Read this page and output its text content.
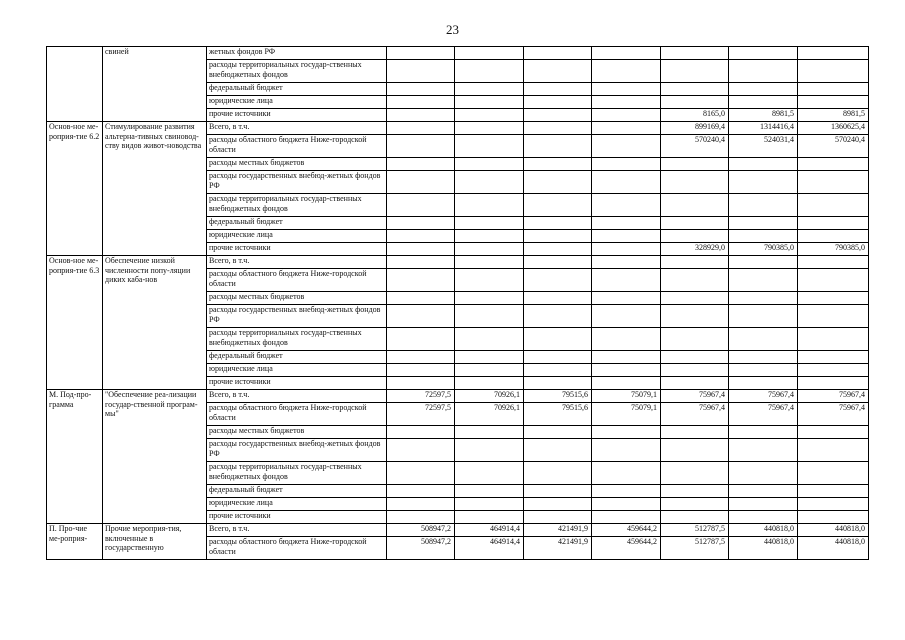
23
	свиней	жетных фондов РФ							
		расходы территориальных государ-ственных внебюджетных фондов							
		федеральный бюджет							
		юридические лица							
		прочие источники					8165,0	8981,5	8981,5
Основ-ное ме-роприя-тие 6.2	Стимулирование развития альтерна-тивных свиновод-ству видов живот-новодства	Всего, в т.ч.					899169,4	1314416,4	1360625,4
		расходы областного бюджета Ниже-городской области					570240,4	524031,4	570240,4
		расходы местных бюджетов							
		расходы государственных внебюд-жетных фондов РФ							
		расходы территориальных государ-ственных внебюджетных фондов							
		федеральный бюджет							
		юридические лица							
		прочие источники					328929,0	790385,0	790385,0
Основ-ное ме-роприя-тие 6.3	Обеспечение низкой численности попу-ляции диких каба-нов	Всего, в т.ч.							
		расходы областного бюджета Ниже-городской области							
		расходы местных бюджетов							
		расходы государственных внебюд-жетных фондов РФ							
		расходы территориальных государ-ственных внебюджетных фондов							
		федеральный бюджет							
		юридические лица							
		прочие источники							
М. Под-про-грамма	"Обеспечение реа-лизации государ-ственной програм-мы"	Всего, в т.ч.	72597,5	70926,1	79515,6	75079,1	75967,4	75967,4	75967,4
		расходы областного бюджета Ниже-городской области	72597,5	70926,1	79515,6	75079,1	75967,4	75967,4	75967,4
		расходы местных бюджетов							
		расходы государственных внебюд-жетных фондов РФ							
		расходы территориальных государ-ственных внебюджетных фондов							
		федеральный бюджет							
		юридические лица							
		прочие источники							
П. Про-чие ме-роприя-	Прочие мероприя-тия, включенные в государственную	Всего, в т.ч.	508947,2	464914,4	421491,9	459644,2	512787,5	440818,0	440818,0
		расходы областного бюджета Ниже-городской области	508947,2	464914,4	421491,9	459644,2	512787,5	440818,0	440818,0
